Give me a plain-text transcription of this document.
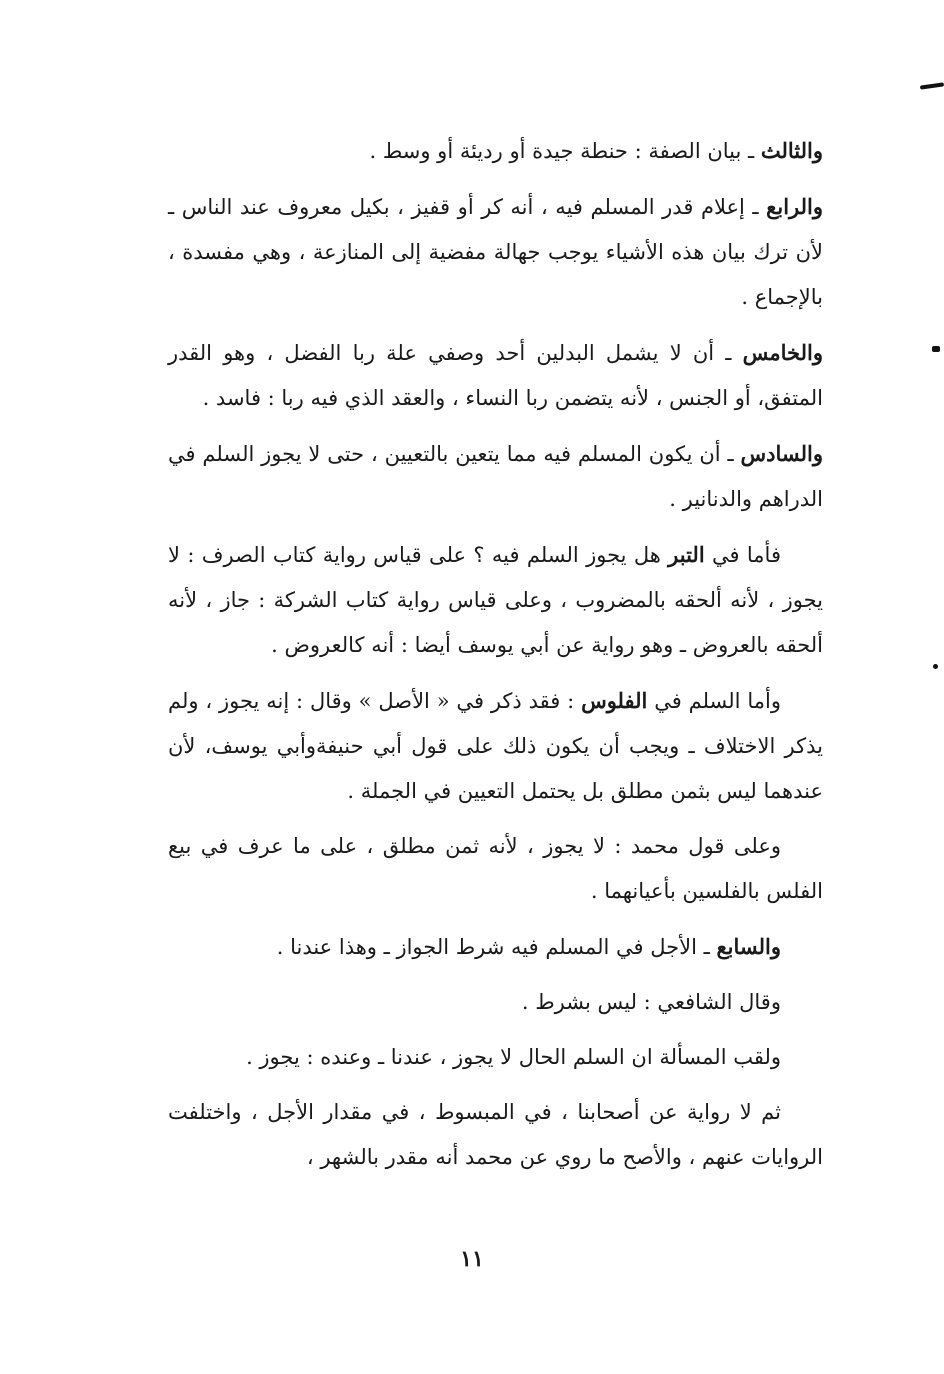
والثالث ـ بيان الصفة : حنطة جيدة أو رديئة أو وسط .

والرابع ـ إعلام قدر المسلم فيه ، أنه كر أو قفيز ، بكيل معروف عند الناس ـ لأن ترك بيان هذه الأشياء يوجب جهالة مفضية إلى المنازعة ، وهي مفسدة ، بالإجماع .

والخامس ـ أن لا يشمل البدلين أحد وصفي علة ربا الفضل ، وهو القدر المتفق، أو الجنس ، لأنه يتضمن ربا النساء ، والعقد الذي فيه ربا : فاسد .

والسادس ـ أن يكون المسلم فيه مما يتعين بالتعيين ، حتى لا يجوز السلم في الدراهم والدنانير .

فأما في التبر هل يجوز السلم فيه ؟ على قياس رواية كتاب الصرف : لا يجوز ، لأنه ألحقه بالمضروب ، وعلى قياس رواية كتاب الشركة : جاز ، لأنه ألحقه بالعروض ـ وهو رواية عن أبي يوسف أيضا : أنه كالعروض .

وأما السلم في الفلوس : فقد ذكر في « الأصل » وقال : إنه يجوز ، ولم يذكر الاختلاف ـ ويجب أن يكون ذلك على قول أبي حنيفةوأبي يوسف، لأن عندهما ليس بثمن مطلق بل يحتمل التعيين في الجملة .

وعلى قول محمد : لا يجوز ، لأنه ثمن مطلق ، على ما عرف في بيع الفلس بالفلسين بأعيانهما .

والسابع ـ الأجل في المسلم فيه شرط الجواز ـ وهذا عندنا .

وقال الشافعي : ليس بشرط .

ولقب المسألة ان السلم الحال لا يجوز ، عندنا ـ وعنده : يجوز .

ثم لا رواية عن أصحابنا ، في المبسوط ، في مقدار الأجل ، واختلفت الروايات عنهم ، والأصح ما روي عن محمد أنه مقدر بالشهر ،

١١
